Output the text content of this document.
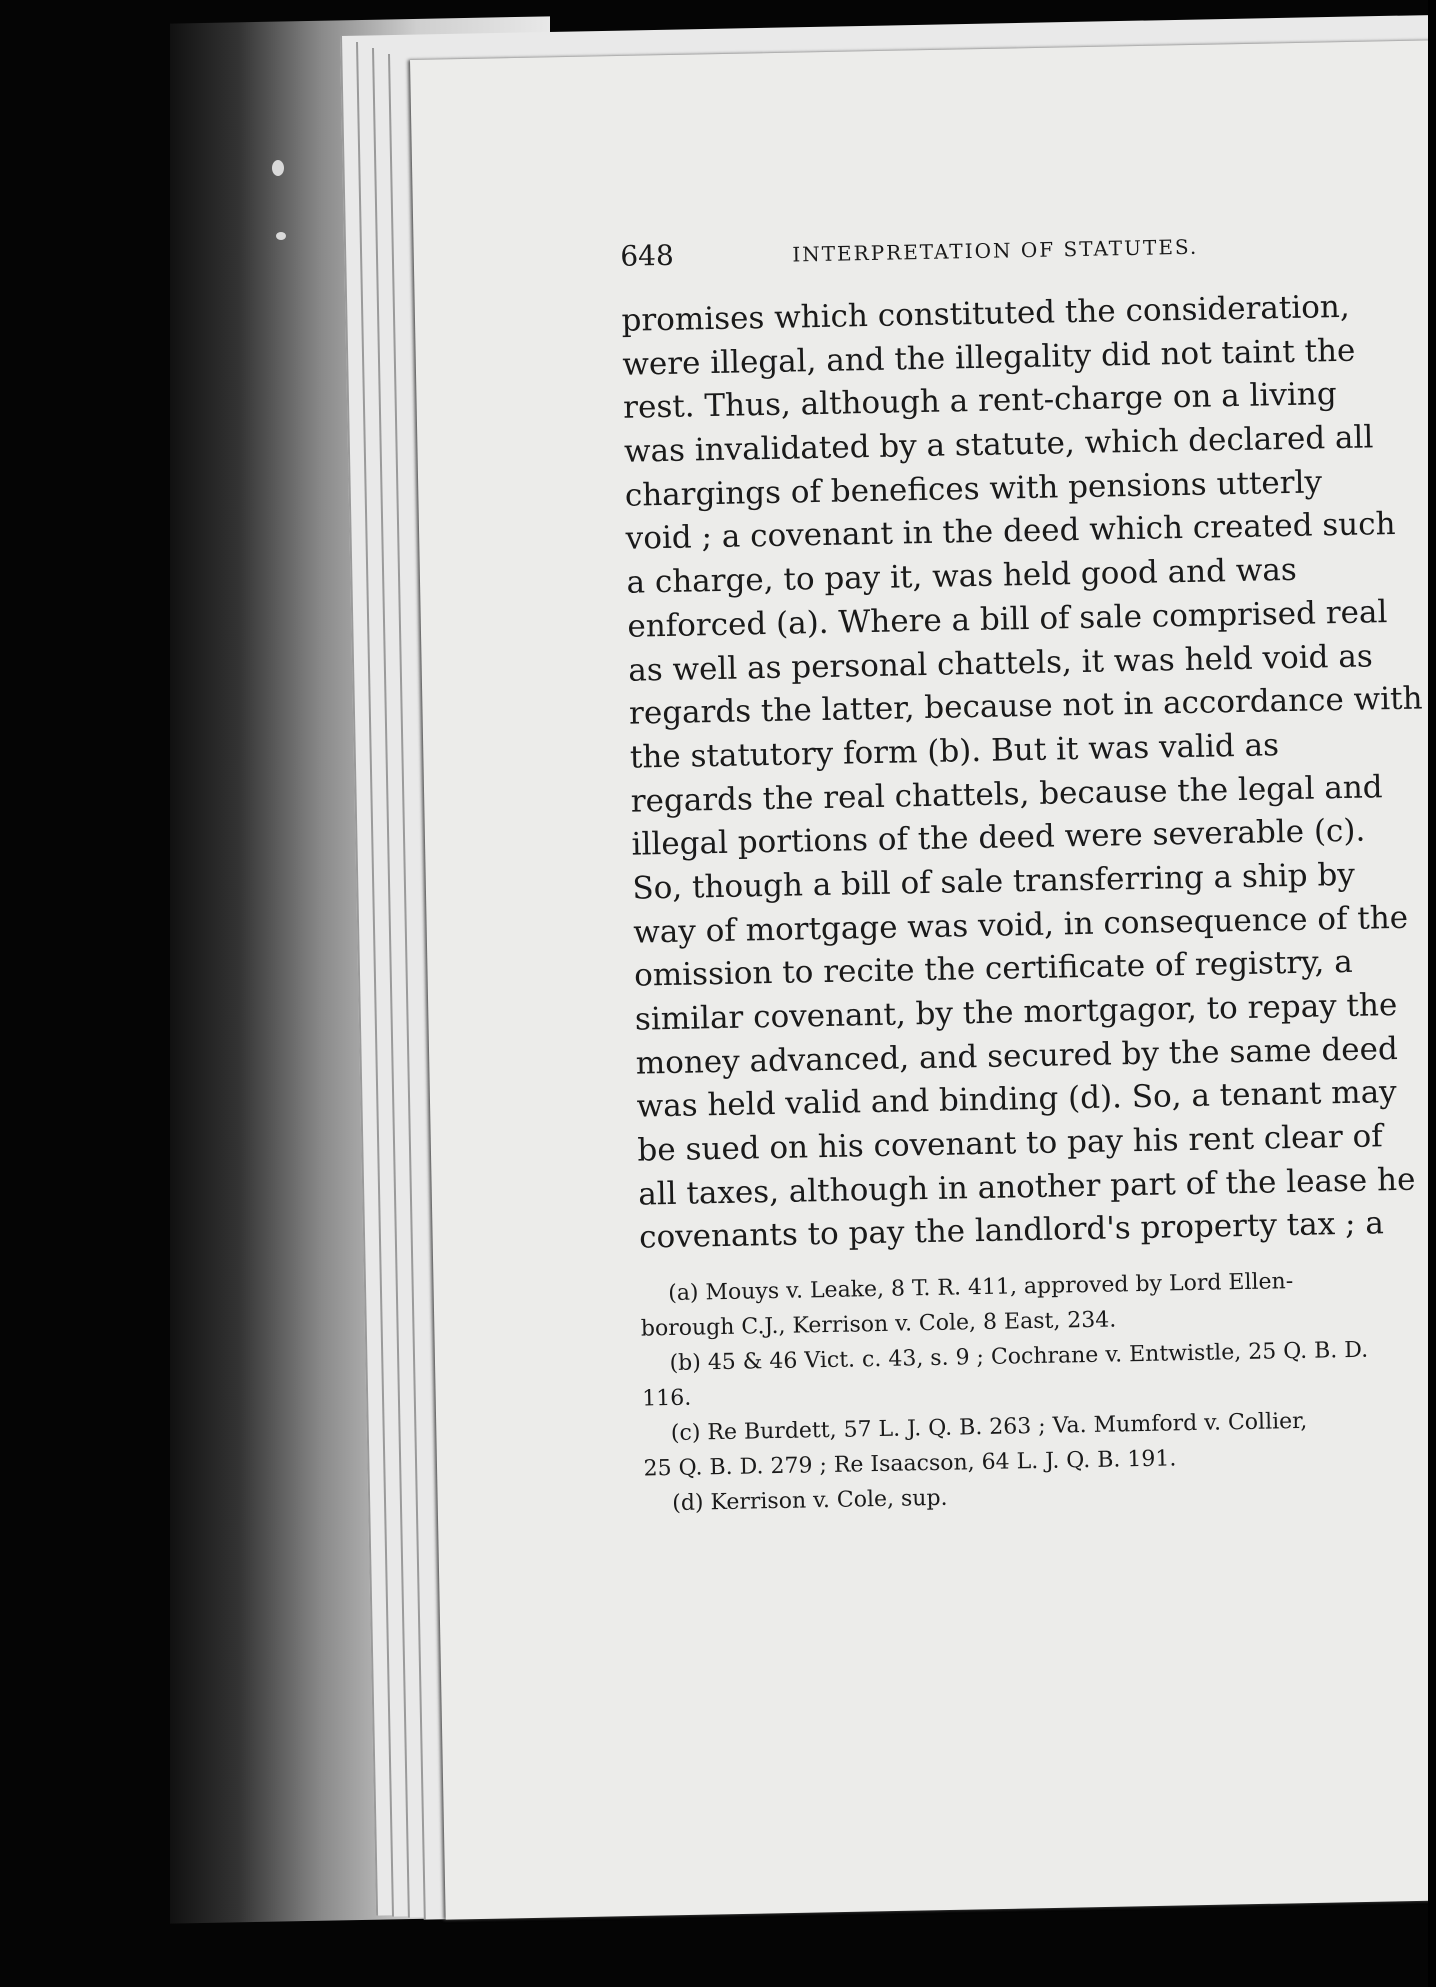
648	INTERPRETATION OF STATUTES.
promises which constituted the consideration,
were illegal, and the illegality did not taint the
rest. Thus, although a rent-charge on a living
was invalidated by a statute, which declared all
chargings of benefices with pensions utterly
void ; a covenant in the deed which created such
a charge, to pay it, was held good and was
enforced (a). Where a bill of sale comprised real
as well as personal chattels, it was held void as
regards the latter, because not in accordance with
the statutory form (b). But it was valid as
regards the real chattels, because the legal and
illegal portions of the deed were severable (c).
So, though a bill of sale transferring a ship by
way of mortgage was void, in consequence of the
omission to recite the certificate of registry, a
similar covenant, by the mortgagor, to repay the
money advanced, and secured by the same deed
was held valid and binding (d). So, a tenant may
be sued on his covenant to pay his rent clear of
all taxes, although in another part of the lease he
covenants to pay the landlord's property tax ; a
(a) Mouys v. Leake, 8 T. R. 411, approved by Lord Ellen-
borough C.J., Kerrison v. Cole, 8 East, 234.
(b) 45 & 46 Vict. c. 43, s. 9 ; Cochrane v. Entwistle, 25 Q. B. D.
116.
(c) Re Burdett, 57 L. J. Q. B. 263 ; Va. Mumford v. Collier,
25 Q. B. D. 279 ; Re Isaacson, 64 L. J. Q. B. 191.
(d) Kerrison v. Cole, sup.
